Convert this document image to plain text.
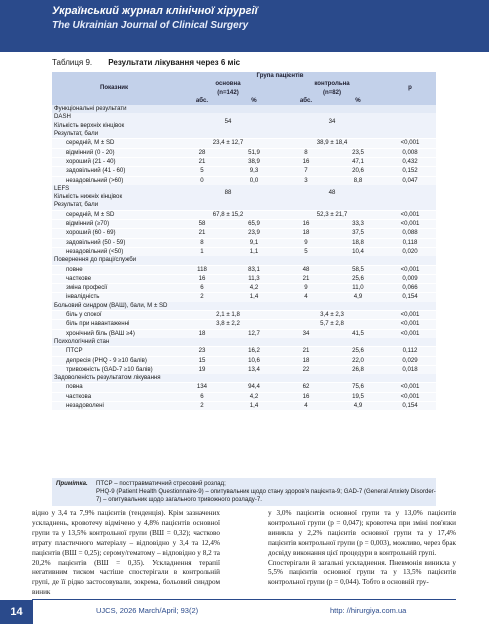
Український журнал клінічної хірургії
The Ukrainian Journal of Clinical Surgery
Таблиця 9. Результати лікування через 6 міс
Показник	Група пацієнтів				p
	основна
(n=142)		контрольна
(n=82)		
	абс.	%	абс.	%	
Функціональні результати					
DASH
Кількість верхніх кінцівок	54		34		
Результат, бали					
середній, M ± SD	23,4 ± 12,7		38,9 ± 18,4		<0,001
відмінний (0 - 20)	28	51,9	8	23,5	0,008
хороший (21 - 40)	21	38,9	16	47,1	0,432
задовільний (41 - 60)	5	9,3	7	20,6	0,152
незадовільний (>60)	0	0,0	3	8,8	0,047
LEFS
Кількість нижніх кінцівок	88		48		
Результат, бали					
середній, M ± SD	67,8 ± 15,2		52,3 ± 21,7		<0,001
відмінний (≥70)	58	65,9	16	33,3	<0,001
хороший (60 - 69)	21	23,9	18	37,5	0,088
задовільний (50 - 59)	8	9,1	9	18,8	0,118
незадовільний (<50)	1	1,1	5	10,4	0,020
Повернення до праці/служби					
повне	118	83,1	48	58,5	<0,001
часткове	16	11,3	21	25,6	0,009
зміна професії	6	4,2	9	11,0	0,066
інвалідність	2	1,4	4	4,9	0,154
Больовий синдром (ВАШ), бали, M ± SD					
біль у спокої	2,1 ± 1,8		3,4 ± 2,3		<0,001
біль при навантаженні	3,8 ± 2,2		5,7 ± 2,8		<0,001
хронічний біль (ВАШ ≥4)	18	12,7	34	41,5	<0,001
Психологічний стан					
ПТСР	23	16,2	21	25,6	0,112
депресія (PHQ - 9 ≥10 балів)	15	10,6	18	22,0	0,029
тривожність (GAD-7 ≥10 балів)	19	13,4	22	26,8	0,018
Задоволеність результатом лікування					
повна	134	94,4	62	75,6	<0,001
часткова	6	4,2	16	19,5	<0,001
незадоволені	2	1,4	4	4,9	0,154
Примітка. ПТСР – посттравматичний стресовий розлад;
PHQ-9 (Patient Health Questionnaire-9) – опитувальник щодо стану здоров'я пацієнта-9; GAD-7 (General Anxiety Disorder-7) – опитувальник щодо загального тривожного розладу-7.
відно у 3,4 та 7,9% пацієнтів (тенденція). Крім зазначених ускладнень, кровотечу відмічено у 4,8% пацієнтів основної групи та у 13,5% контрольної групи (ВШ = 0,32); частково втрату пластичного матеріалу – відповідно у 3,4 та 12,4% пацієнтів (ВШ = 0,25); серому/гематому – відповідно у 8,2 та 20,2% пацієнтів (ВШ = 0,35). Ускладнення терапії негативним тиском частіше спостерігали в контрольній групі, де її рідко застосовували, зокрема, больовий синдром виник
у 3,0% пацієнтів основної групи та у 13,0% пацієнтів контрольної групи (p = 0,047); кровотеча при зміні пов'язки виникла у 2,2% пацієнтів основної групи та у 17,4% пацієнтів контрольної групи (p = 0,003), можливо, через брак досвіду виконання цієї процедури в контрольній групі.
Спостерігали й загальні ускладнення. Пневмонія виникла у 5,5% пацієнтів основної групи та у 13,5% пацієнтів контрольної групи (p = 0,044). Тобто в основній гру-
14	UJCS, 2026 March/April; 93(2)	http: //hirurgiya.com.ua
